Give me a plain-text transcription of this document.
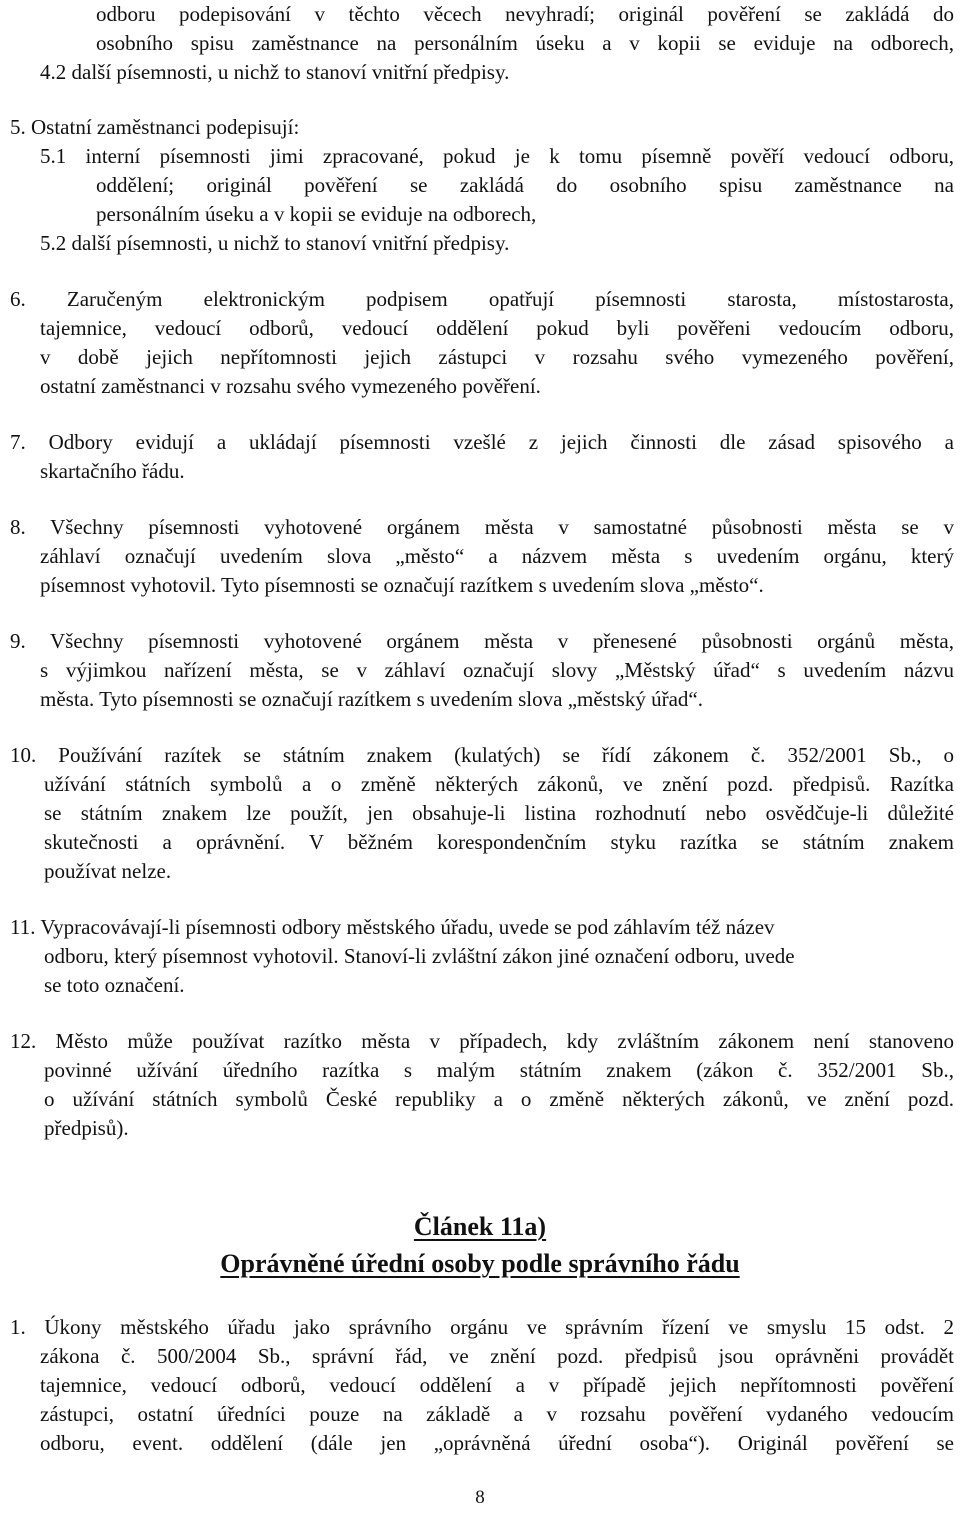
odboru podepisování v těchto věcech nevyhradí; originál pověření se zakládá do
osobního spisu zaměstnance na personálním úseku a v kopii se eviduje na odborech,
4.2 další písemnosti, u nichž to stanoví vnitřní předpisy.
5. Ostatní zaměstnanci podepisují:
5.1 interní písemnosti jimi zpracované, pokud je k tomu písemně pověří vedoucí odboru,
oddělení; originál pověření se zakládá do osobního spisu zaměstnance na
personálním úseku a v kopii se eviduje na odborech,
5.2 další písemnosti, u nichž to stanoví vnitřní předpisy.
6. Zaručeným elektronickým podpisem opatřují písemnosti starosta, místostarosta,
tajemnice, vedoucí odborů, vedoucí oddělení pokud byli pověřeni vedoucím odboru,
v době jejich nepřítomnosti jejich zástupci v rozsahu svého vymezeného pověření,
ostatní zaměstnanci v rozsahu svého vymezeného pověření.
7. Odbory evidují a ukládají písemnosti vzešlé z jejich činnosti dle zásad spisového a
skartačního řádu.
8. Všechny písemnosti vyhotovené orgánem města v samostatné působnosti města se v
záhlaví označují uvedením slova „město“ a názvem města s uvedením orgánu, který
písemnost vyhotovil. Tyto písemnosti se označují razítkem s uvedením slova „město“.
9. Všechny písemnosti vyhotovené orgánem města v přenesené působnosti orgánů města,
s výjimkou nařízení města, se v záhlaví označují slovy „Městský úřad“ s uvedením názvu
města. Tyto písemnosti se označují razítkem s uvedením slova „městský úřad“.
10. Používání razítek se státním znakem (kulatých) se řídí zákonem č. 352/2001 Sb., o
užívání státních symbolů a o změně některých zákonů, ve znění pozd. předpisů. Razítka
se státním znakem lze použít, jen obsahuje-li listina rozhodnutí nebo osvědčuje-li důležité
skutečnosti a oprávnění. V běžném korespondenčním styku razítka se státním znakem
používat nelze.
11. Vypracovávají-li písemnosti odbory městského úřadu, uvede se pod záhlavím též název
odboru, který písemnost vyhotovil. Stanoví-li zvláštní zákon jiné označení odboru, uvede
se toto označení.
12. Město může používat razítko města v případech, kdy zvláštním zákonem není stanoveno
povinné užívání úředního razítka s malým státním znakem (zákon č. 352/2001 Sb.,
o užívání státních symbolů České republiky a o změně některých zákonů, ve znění pozd.
předpisů).
Článek 11a)
Oprávněné úřední osoby podle správního řádu
1. Úkony městského úřadu jako správního orgánu ve správním řízení ve smyslu 15 odst. 2
zákona č. 500/2004 Sb., správní řád, ve znění pozd. předpisů jsou oprávněni provádět
tajemnice, vedoucí odborů, vedoucí oddělení a v případě jejich nepřítomnosti pověření
zástupci, ostatní úředníci pouze na základě a v rozsahu pověření vydaného vedoucím
odboru, event. oddělení (dále jen „oprávněná úřední osoba“). Originál pověření se
8
